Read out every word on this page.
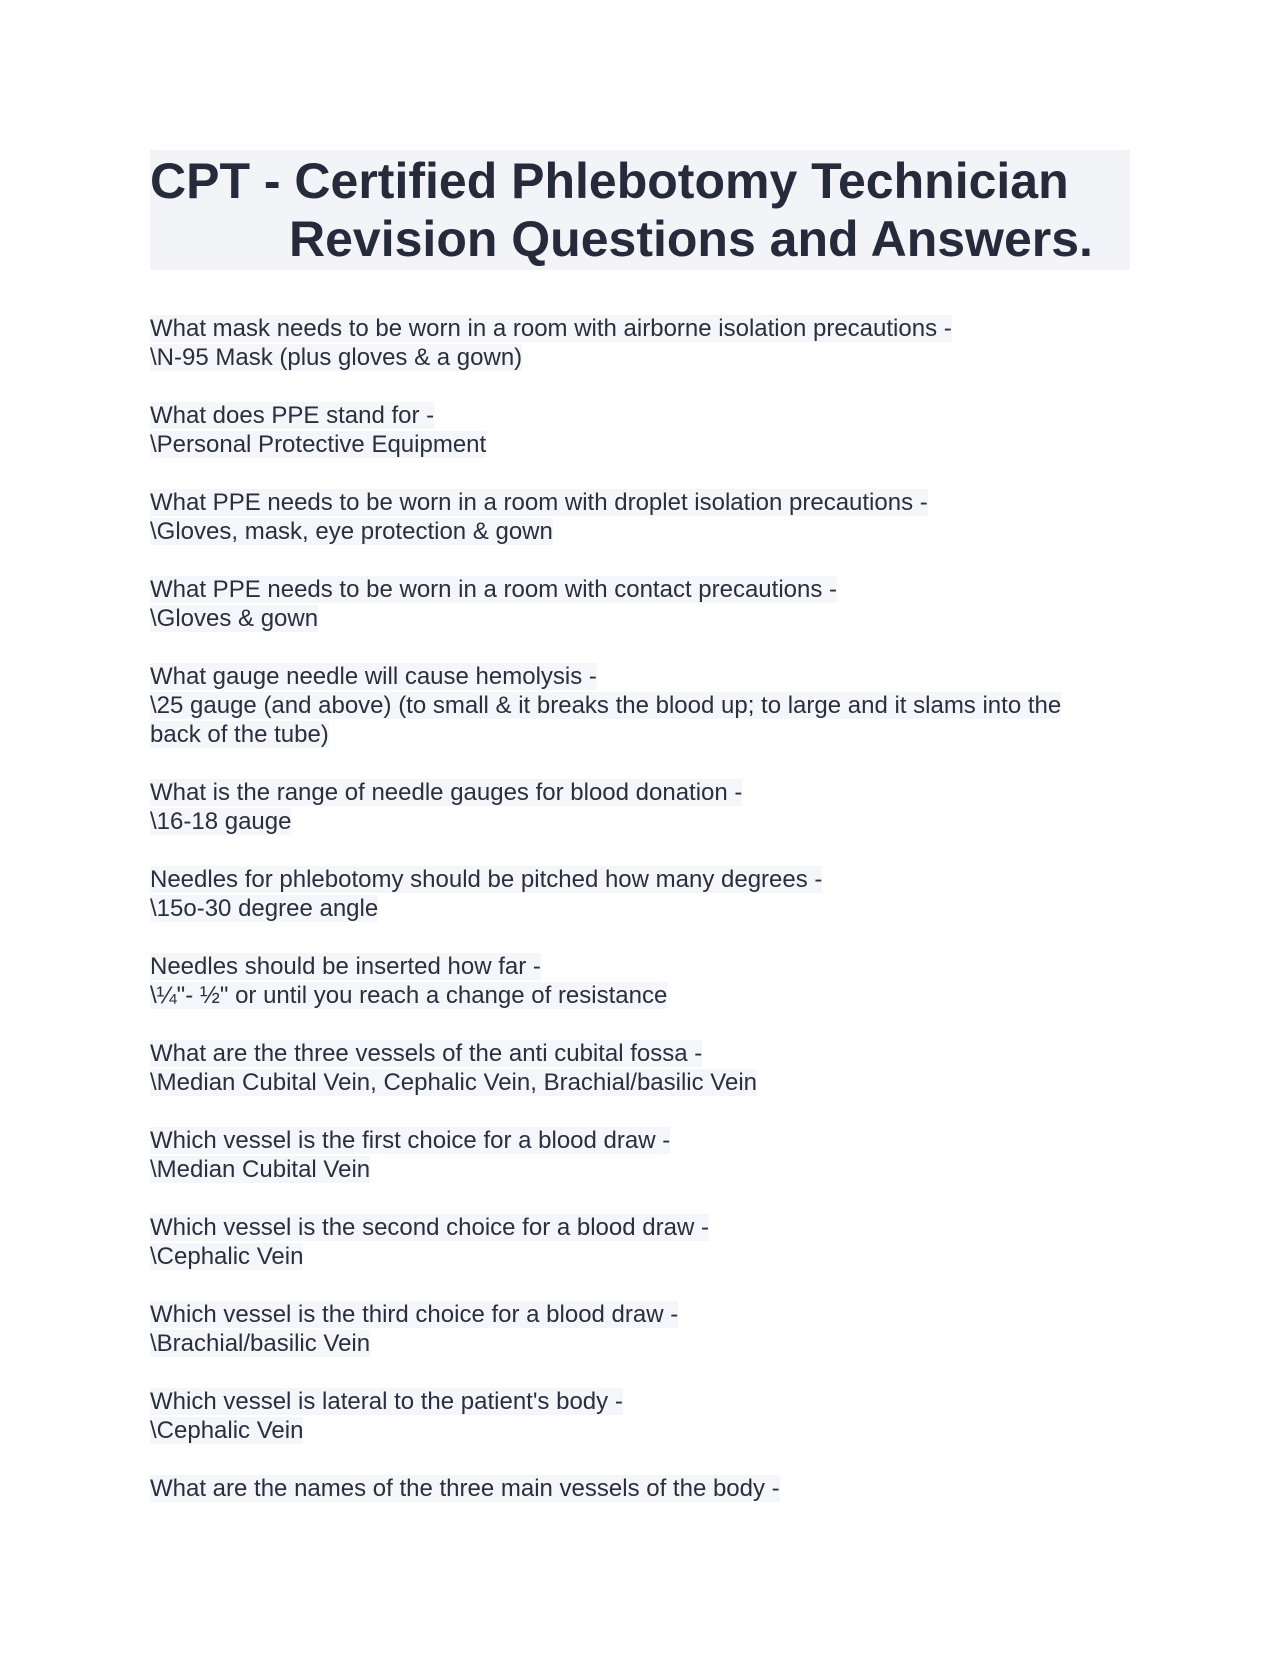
CPT - Certified Phlebotomy Technician
Revision Questions and Answers.
What mask needs to be worn in a room with airborne isolation precautions -
\N-95 Mask (plus gloves & a gown)
What does PPE stand for -
\Personal Protective Equipment
What PPE needs to be worn in a room with droplet isolation precautions -
\Gloves, mask, eye protection & gown
What PPE needs to be worn in a room with contact precautions -
\Gloves & gown
What gauge needle will cause hemolysis -
\25 gauge (and above) (to small & it breaks the blood up; to large and it slams into the
back of the tube)
What is the range of needle gauges for blood donation -
\16-18 gauge
Needles for phlebotomy should be pitched how many degrees -
\15o-30 degree angle
Needles should be inserted how far -
\¼"- ½" or until you reach a change of resistance
What are the three vessels of the anti cubital fossa -
\Median Cubital Vein, Cephalic Vein, Brachial/basilic Vein
Which vessel is the first choice for a blood draw -
\Median Cubital Vein
Which vessel is the second choice for a blood draw -
\Cephalic Vein
Which vessel is the third choice for a blood draw -
\Brachial/basilic Vein
Which vessel is lateral to the patient's body -
\Cephalic Vein
What are the names of the three main vessels of the body -
